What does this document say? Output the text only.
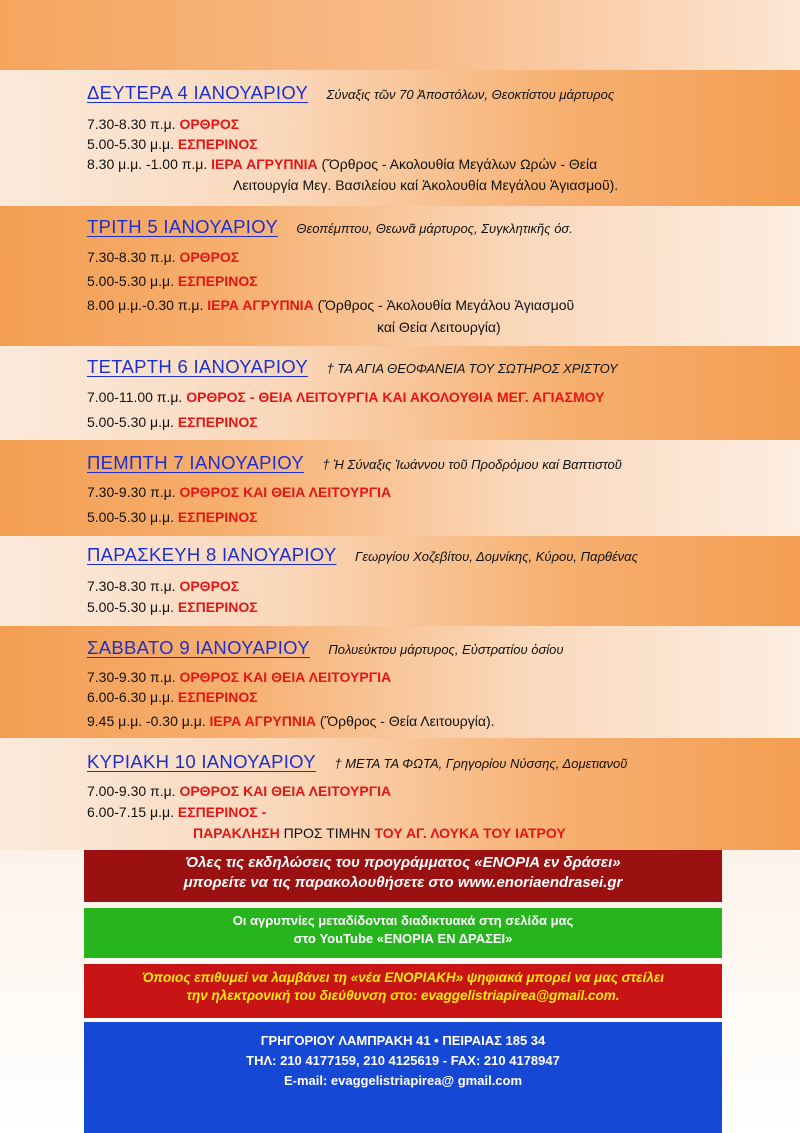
ΔΕΥΤΕΡΑ 4 ΙΑΝΟΥΑΡΙΟΥ Σύναξις τῶν 70 Ἀποστόλων, Θεοκτίστου μάρτυρος
7.30-8.30 π.μ. ΟΡΘΡΟΣ
5.00-5.30 μ.μ. ΕΣΠΕΡΙΝΟΣ
8.30 μ.μ. -1.00 π.μ. ΙΕΡΑ ΑΓΡΥΠΝΙΑ (Ὄρθρος - Ακολουθία Μεγάλων Ωρών - Θεία
Λειτουργία Μεγ. Βασιλείου καί Ἀκολουθία Μεγάλου Ἁγιασμοῦ).
ΤΡΙΤΗ 5 ΙΑΝΟΥΑΡΙΟΥ Θεοπέμπτου, Θεωνᾶ μάρτυρος, Συγκλητικῆς όσ.
7.30-8.30 π.μ. ΟΡΘΡΟΣ
5.00-5.30 μ.μ. ΕΣΠΕΡΙΝΟΣ
8.00 μ.μ.-0.30 π.μ. ΙΕΡΑ ΑΓΡΥΠΝΙΑ (Ὄρθρος - Ἀκολουθία Μεγάλου Ἁγιασμοῦ
καί Θεία Λειτουργία)
ΤΕΤΑΡΤΗ 6 ΙΑΝΟΥΑΡΙΟΥ † ΤΑ ΑΓΙΑ ΘΕΟΦΑΝΕΙΑ ΤΟΥ ΣΩΤΗΡΟΣ ΧΡΙΣΤΟΥ
7.00-11.00 π.μ. ΟΡΘΡΟΣ - ΘΕΙΑ ΛΕΙΤΟΥΡΓΙΑ ΚΑΙ ΑΚΟΛΟΥΘΙΑ ΜΕΓ. ΑΓΙΑΣΜΟΥ
5.00-5.30 μ.μ. ΕΣΠΕΡΙΝΟΣ
ΠΕΜΠΤΗ 7 ΙΑΝΟΥΑΡΙΟΥ † Ἡ Σύναξις Ἰωάννου τοῦ Προδρόμου καί Βαπτιστοῦ
7.30-9.30 π.μ. ΟΡΘΡΟΣ ΚΑΙ ΘΕΙΑ ΛΕΙΤΟΥΡΓΙΑ
5.00-5.30 μ.μ. ΕΣΠΕΡΙΝΟΣ
ΠΑΡΑΣΚΕΥΗ 8 ΙΑΝΟΥΑΡΙΟΥ Γεωργίου Χοζεβίτου, Δομνίκης, Κύρου, Παρθένας
7.30-8.30 π.μ. ΟΡΘΡΟΣ
5.00-5.30 μ.μ. ΕΣΠΕΡΙΝΟΣ
ΣΑΒΒΑΤΟ 9 ΙΑΝΟΥΑΡΙΟΥ Πολυεύκτου μάρτυρος, Εὐστρατίου ὁσίου
7.30-9.30 π.μ. ΟΡΘΡΟΣ ΚΑΙ ΘΕΙΑ ΛΕΙΤΟΥΡΓΙΑ
6.00-6.30 μ.μ. ΕΣΠΕΡΙΝΟΣ
9.45 μ.μ. -0.30 μ.μ. ΙΕΡΑ ΑΓΡΥΠΝΙΑ (Ὄρθρος - Θεία Λειτουργία).
ΚΥΡΙΑΚΗ 10 ΙΑΝΟΥΑΡΙΟΥ † ΜΕΤΑ ΤΑ ΦΩΤΑ, Γρηγορίου Νύσσης, Δομετιανοῦ
7.00-9.30 π.μ. ΟΡΘΡΟΣ ΚΑΙ ΘΕΙΑ ΛΕΙΤΟΥΡΓΙΑ
6.00-7.15 μ.μ. ΕΣΠΕΡΙΝΟΣ -
ΠΑΡΑΚΛΗΣΗ ΠΡΟΣ ΤΙΜΗΝ ΤΟΥ ΑΓ. ΛΟΥΚΑ ΤΟΥ ΙΑΤΡΟΥ
Όλες τις εκδηλώσεις του προγράμματος «ΕΝΟΡΙΑ εν δράσει»
μπορείτε να τις παρακολουθήσετε στο www.enoriaendrasei.gr
Οι αγρυπνίες μεταδίδονται διαδικτυακά στη σελίδα μας
στο YouTube «ΕΝΟΡΙΑ ΕΝ ΔΡΑΣΕΙ»
Όποιος επιθυμεί να λαμβάνει τη «νέα ΕΝΟΡΙΑΚΗ» ψηφιακά μπορεί να μας στείλει
την ηλεκτρονική του διεύθυνση στο: evaggelistriapirea@gmail.com.
ΓΡΗΓΟΡΙΟΥ ΛΑΜΠΡΑΚΗ 41 • ΠΕΙΡΑΙΑΣ 185 34
ΤΗΛ: 210 4177159, 210 4125619 - FAX: 210 4178947
E-mail: evaggelistriapirea@ gmail.com
